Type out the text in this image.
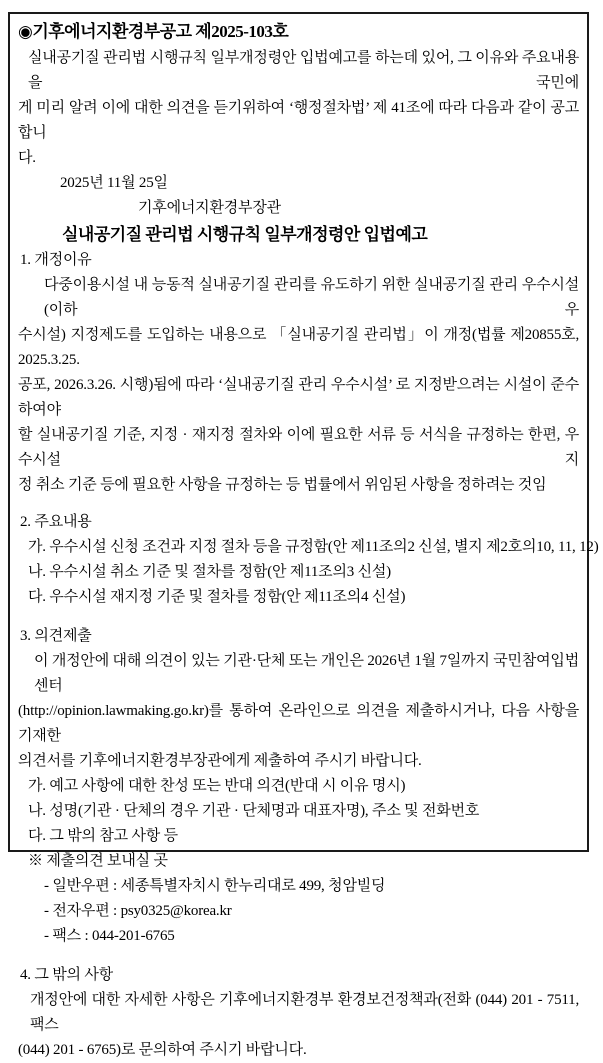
◉기후에너지환경부공고 제2025-103호
실내공기질 관리법 시행규칙 일부개정령안 입법예고를 하는데 있어, 그 이유와 주요내용을 국민에
게 미리 알려 이에 대한 의견을 듣기위하여 ‘행정절차법’ 제 41조에 따라 다음과 같이 공고합니
다.
2025년 11월 25일
기후에너지환경부장관
실내공기질 관리법 시행규칙 일부개정령안 입법예고
1. 개정이유
다중이용시설 내 능동적 실내공기질 관리를 유도하기 위한 실내공기질 관리 우수시설(이하 우
수시설) 지정제도를 도입하는 내용으로 「실내공기질 관리법」이 개정(법률 제20855호, 2025.3.25.
공포, 2026.3.26. 시행)됨에 따라 ‘실내공기질 관리 우수시설’ 로 지정받으려는 시설이 준수하여야
할 실내공기질 기준, 지정 · 재지정 절차와 이에 필요한 서류 등 서식을 규정하는 한편, 우수시설 지
정 취소 기준 등에 필요한 사항을 규정하는 등 법률에서 위임된 사항을 정하려는 것임
2. 주요내용
가. 우수시설 신청 조건과 지정 절차 등을 규정함(안 제11조의2 신설, 별지 제2호의10, 11, 12)
나. 우수시설 취소 기준 및 절차를 정함(안 제11조의3 신설)
다. 우수시설 재지정 기준 및 절차를 정함(안 제11조의4 신설)
3. 의견제출
이 개정안에 대해 의견이 있는 기관·단체 또는 개인은 2026년 1월 7일까지 국민참여입법센터
(http://opinion.lawmaking.go.kr)를 통하여 온라인으로 의견을 제출하시거나, 다음 사항을 기재한
의견서를 기후에너지환경부장관에게 제출하여 주시기 바랍니다.
가. 예고 사항에 대한 찬성 또는 반대 의견(반대 시 이유 명시)
나. 성명(기관 · 단체의 경우 기관 · 단체명과 대표자명), 주소 및 전화번호
다. 그 밖의 참고 사항 등
※ 제출의견 보내실 곳
- 일반우편 : 세종특별자치시 한누리대로 499, 청암빌딩
- 전자우편 : psy0325@korea.kr
- 팩스 : 044-201-6765
4. 그 밖의 사항
개정안에 대한 자세한 사항은 기후에너지환경부 환경보건정책과(전화 (044) 201 - 7511, 팩스
(044) 201 - 6765)로 문의하여 주시기 바랍니다.
